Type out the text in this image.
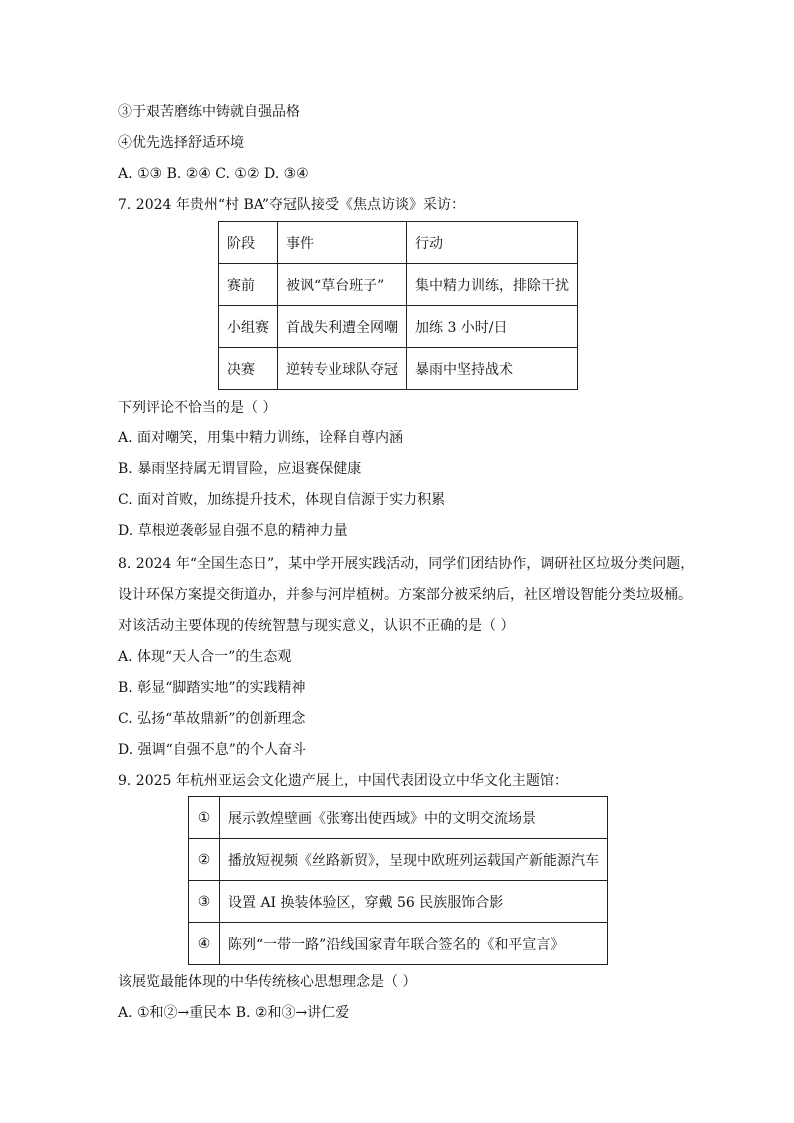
③于艰苦磨练中铸就自强品格
④优先选择舒适环境
A. ①③ B. ②④ C. ①② D. ③④
7. 2024 年贵州“村 BA”夺冠队接受《焦点访谈》采访：
阶段	事件	行动
赛前	被讽“草台班子”	集中精力训练，排除干扰
小组赛	首战失利遭全网嘲	加练 3 小时/日
决赛	逆转专业球队夺冠	暴雨中坚持战术
下列评论不恰当的是（ ）
A. 面对嘲笑，用集中精力训练，诠释自尊内涵
B. 暴雨坚持属无谓冒险，应退赛保健康
C. 面对首败，加练提升技术，体现自信源于实力积累
D. 草根逆袭彰显自强不息的精神力量
8. 2024 年“全国生态日”，某中学开展实践活动，同学们团结协作，调研社区垃圾分类问题，
设计环保方案提交街道办，并参与河岸植树。方案部分被采纳后，社区增设智能分类垃圾桶。
对该活动主要体现的传统智慧与现实意义，认识不正确的是（ ）
A. 体现“天人合一”的生态观
B. 彰显“脚踏实地”的实践精神
C. 弘扬“革故鼎新”的创新理念
D. 强调“自强不息”的个人奋斗
9. 2025 年杭州亚运会文化遗产展上，中国代表团设立中华文化主题馆：
①	展示敦煌壁画《张骞出使西域》中的文明交流场景
②	播放短视频《丝路新贸》，呈现中欧班列运载国产新能源汽车
③	设置 AI 换装体验区，穿戴 56 民族服饰合影
④	陈列“一带一路”沿线国家青年联合签名的《和平宣言》
该展览最能体现的中华传统核心思想理念是（ ）
A. ①和②→重民本 B. ②和③→讲仁爱
